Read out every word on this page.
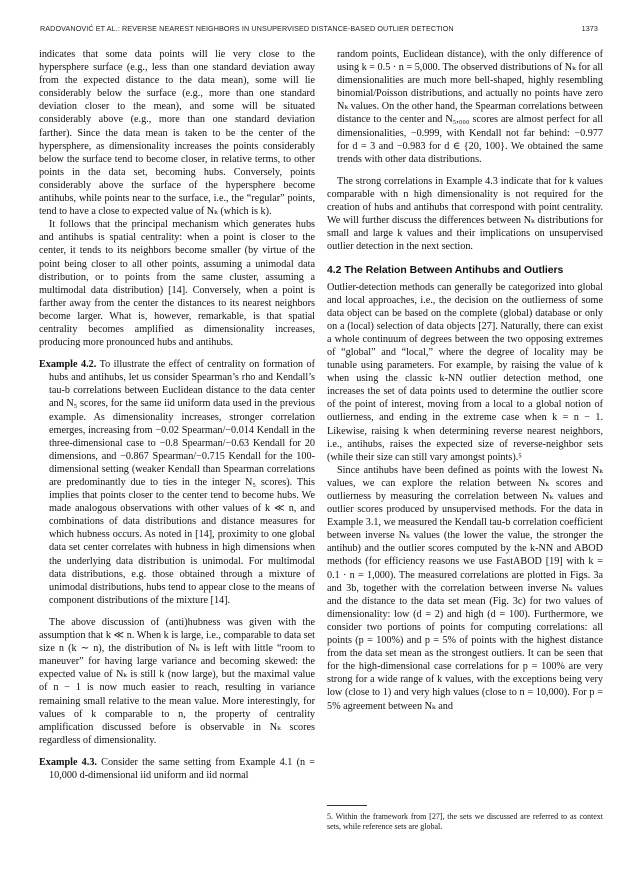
RADOVANOVIĆ ET AL.: REVERSE NEAREST NEIGHBORS IN UNSUPERVISED DISTANCE-BASED OUTLIER DETECTION	1373

indicates that some data points will lie very close to the hypersphere surface (e.g., less than one standard deviation away from the expected distance to the data mean), some will lie considerably below the surface (e.g., more than one standard deviation closer to the mean), and some will be situated considerably above (e.g., more than one standard deviation farther). Since the data mean is taken to be the center of the hypersphere, as dimensionality increases the points considerably below the surface tend to become closer, in relative terms, to other points in the data set, becoming hubs. Conversely, points considerably above the surface of the hypersphere become antihubs, while points near to the surface, i.e., the “regular” points, tend to have a close to expected value of Nₖ (which is k).

It follows that the principal mechanism which generates hubs and antihubs is spatial centrality: when a point is closer to the center, it tends to its neighbors become smaller (by virtue of the point being closer to all other points, assuming a unimodal data distribution, or to points from the same cluster, assuming a multimodal data distribution) [14]. Conversely, when a point is farther away from the center the distances to its nearest neighbors become larger. What is, however, remarkable, is that spatial centrality becomes amplified as dimensionality increases, producing more pronounced hubs and antihubs.

Example 4.2. To illustrate the effect of centrality on formation of hubs and antihubs, let us consider Spearman’s rho and Kendall’s tau-b correlations between Euclidean distance to the data center and N₅ scores, for the same iid uniform data used in the previous example. As dimensionality increases, stronger correlation emerges, increasing from −0.02 Spearman/−0.014 Kendall in the three-dimensional case to −0.8 Spearman/−0.63 Kendall for 20 dimensions, and −0.867 Spearman/−0.715 Kendall for the 100-dimensional setting (weaker Kendall than Spearman correlations are predominantly due to ties in the integer N₅ scores). This implies that points closer to the center tend to become hubs. We made analogous observations with other values of k ≪ n, and combinations of data distributions and distance measures for which hubness occurs. As noted in [14], proximity to one global data set center correlates with hubness in high dimensions when the underlying data distribution is unimodal. For multimodal data distributions, e.g. those obtained through a mixture of unimodal distributions, hubs tend to appear close to the means of component distributions of the mixture [14].

The above discussion of (anti)hubness was given with the assumption that k ≪ n. When k is large, i.e., comparable to data set size n (k ∼ n), the distribution of Nₖ is left with little “room to maneuver” for having large variance and becoming skewed: the expected value of Nₖ is still k (now large), but the maximal value of n − 1 is now much easier to reach, resulting in variance remaining small relative to the mean value. More interestingly, for values of k comparable to n, the property of centrality amplification discussed before is observable in Nₖ scores regardless of dimensionality.

Example 4.3. Consider the same setting from Example 4.1 (n = 10,000 d-dimensional iid uniform and iid normal

random points, Euclidean distance), with the only difference of using k = 0.5 · n = 5,000. The observed distributions of Nₖ for all dimensionalities are much more bell-shaped, highly resembling binomial/Poisson distributions, and actually no points have zero Nₖ values. On the other hand, the Spearman correlations between distance to the center and N₅,₀₀₀ scores are almost perfect for all dimensionalities, −0.999, with Kendall not far behind: −0.977 for d = 3 and −0.983 for d ∈ {20, 100}. We obtained the same trends with other data distributions.

The strong correlations in Example 4.3 indicate that for k values comparable with n high dimensionality is not required for the creation of hubs and antihubs that correspond with point centrality. We will further discuss the differences between Nₖ distributions for small and large k values and their implications on unsupervised outlier detection in the next section.

4.2 The Relation Between Antihubs and Outliers

Outlier-detection methods can generally be categorized into global and local approaches, i.e., the decision on the outlierness of some data object can be based on the complete (global) database or only on a (local) selection of data objects [27]. Naturally, there can exist a whole continuum of degrees between the two opposing extremes of “global” and “local,” where the degree of locality may be tunable using parameters. For example, by raising the value of k when using the classic k-NN outlier detection method, one increases the set of data points used to determine the outlier score of the point of interest, moving from a local to a global notion of outlierness, and ending in the extreme case when k = n − 1. Likewise, raising k when determining reverse nearest neighbors, i.e., antihubs, raises the expected size of reverse-neighbor sets (while their size can still vary amongst points).⁵

Since antihubs have been defined as points with the lowest Nₖ values, we can explore the relation between Nₖ scores and outlierness by measuring the correlation between Nₖ values and outlier scores produced by unsupervised methods. For the data in Example 3.1, we measured the Kendall tau-b correlation coefficient between inverse Nₖ values (the lower the value, the stronger the antihub) and the outlier scores computed by the k-NN and ABOD methods (for efficiency reasons we use FastABOD [19] with k = 0.1 · n = 1,000). The measured correlations are plotted in Figs. 3a and 3b, together with the correlation between inverse Nₖ values and the distance to the data set mean (Fig. 3c) for two values of dimensionality: low (d = 2) and high (d = 100). Furthermore, we consider two portions of points for computing correlations: all points (p = 100%) and p = 5% of points with the highest distance from the data set mean as the strongest outliers. It can be seen that for the high-dimensional case correlations for p = 100% are very strong for a wide range of k values, with the exceptions being very low (close to 1) and very high values (close to n = 10,000). For p = 5% agreement between Nₖ and

5. Within the framework from [27], the sets we discussed are referred to as context sets, while reference sets are global.
